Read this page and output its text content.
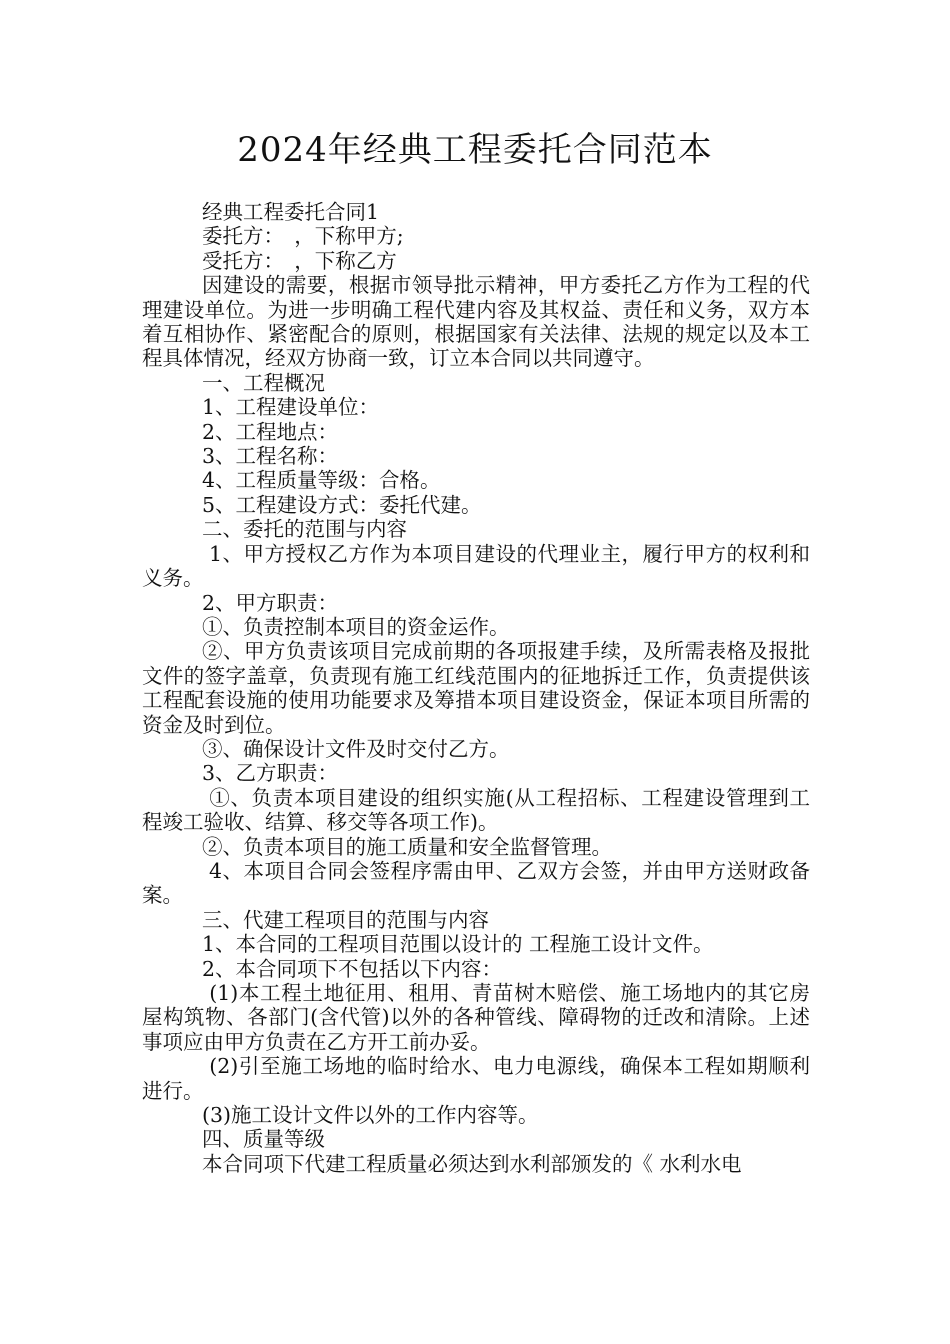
2024年经典工程委托合同范本

经典工程委托合同1

委托方：　，下称甲方;

受托方：　，下称乙方

因建设的需要，根据市领导批示精神，甲方委托乙方作为工程的代理建设单位。为进一步明确工程代建内容及其权益、责任和义务，双方本着互相协作、紧密配合的原则，根据国家有关法律、法规的规定以及本工程具体情况，经双方协商一致，订立本合同以共同遵守。

一、工程概况

1、工程建设单位：

2、工程地点：

3、工程名称：

4、工程质量等级：合格。

5、工程建设方式：委托代建。

二、委托的范围与内容

1、甲方授权乙方作为本项目建设的代理业主，履行甲方的权利和义务。

2、甲方职责：

①、负责控制本项目的资金运作。

②、甲方负责该项目完成前期的各项报建手续，及所需表格及报批文件的签字盖章，负责现有施工红线范围内的征地拆迁工作，负责提供该工程配套设施的使用功能要求及筹措本项目建设资金，保证本项目所需的资金及时到位。

③、确保设计文件及时交付乙方。

3、乙方职责：

①、负责本项目建设的组织实施(从工程招标、工程建设管理到工程竣工验收、结算、移交等各项工作)。

②、负责本项目的施工质量和安全监督管理。

4、本项目合同会签程序需由甲、乙双方会签，并由甲方送财政备案。

三、代建工程项目的范围与内容

1、本合同的工程项目范围以设计的 工程施工设计文件。

2、本合同项下不包括以下内容：

(1)本工程土地征用、租用、青苗树木赔偿、施工场地内的其它房屋构筑物、各部门(含代管)以外的各种管线、障碍物的迁改和清除。上述事项应由甲方负责在乙方开工前办妥。

(2)引至施工场地的临时给水、电力电源线，确保本工程如期顺利进行。

(3)施工设计文件以外的工作内容等。

四、质量等级

本合同项下代建工程质量必须达到水利部颁发的《 水利水电
